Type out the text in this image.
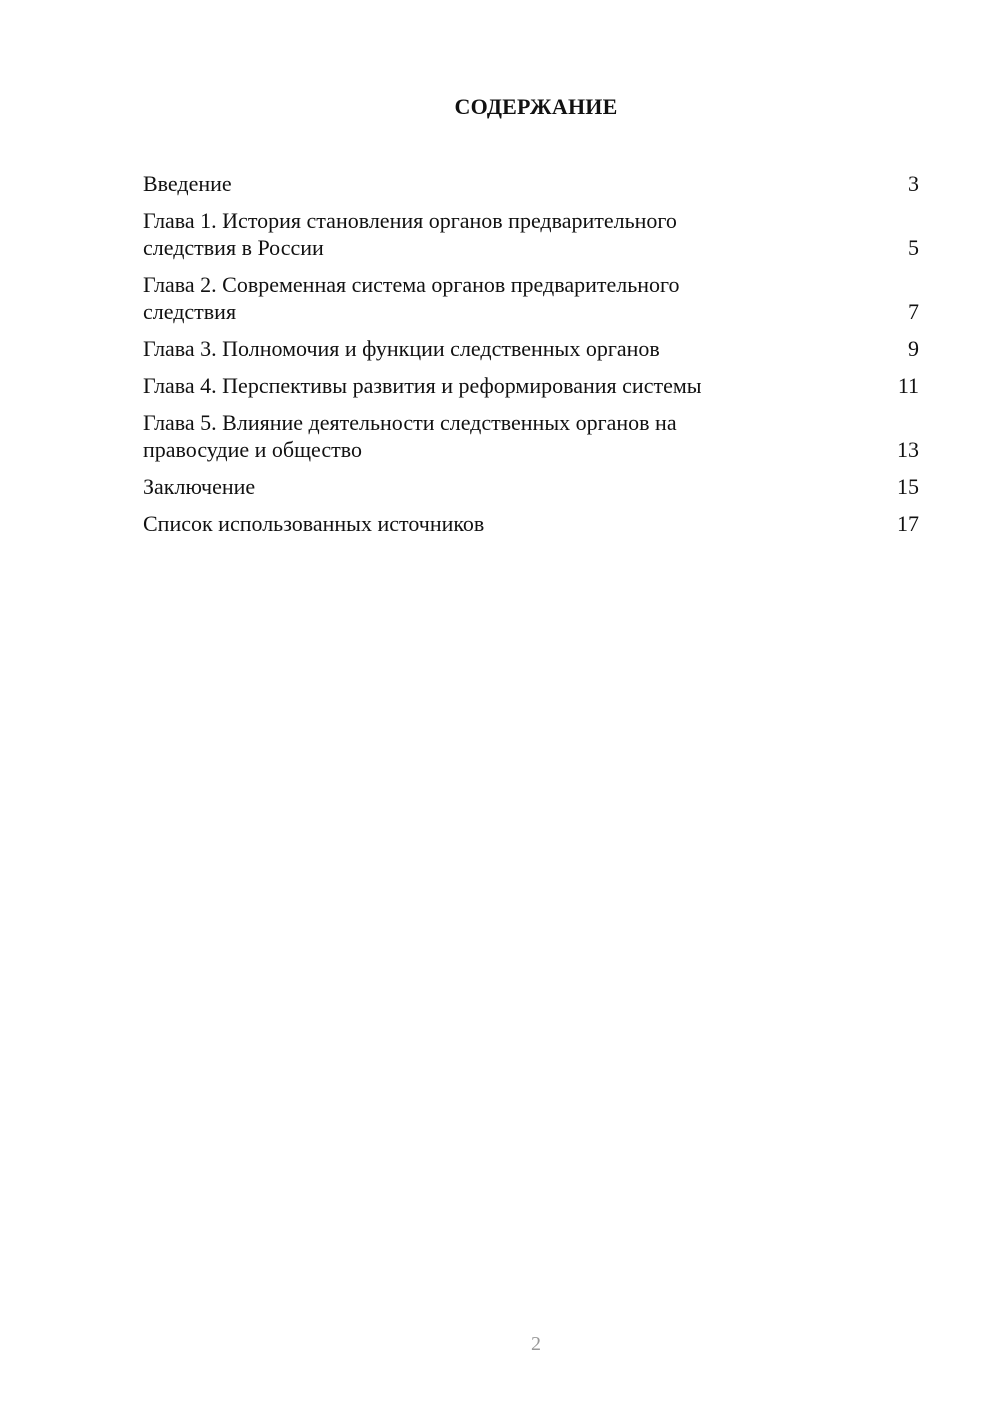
СОДЕРЖАНИЕ
Введение	3
Глава 1. История становления органов предварительного
следствия в России	5
Глава 2. Современная система органов предварительного
следствия	7
Глава 3. Полномочия и функции следственных органов	9
Глава 4. Перспективы развития и реформирования системы	11
Глава 5. Влияние деятельности следственных органов на
правосудие и общество	13
Заключение	15
Список использованных источников	17
2
